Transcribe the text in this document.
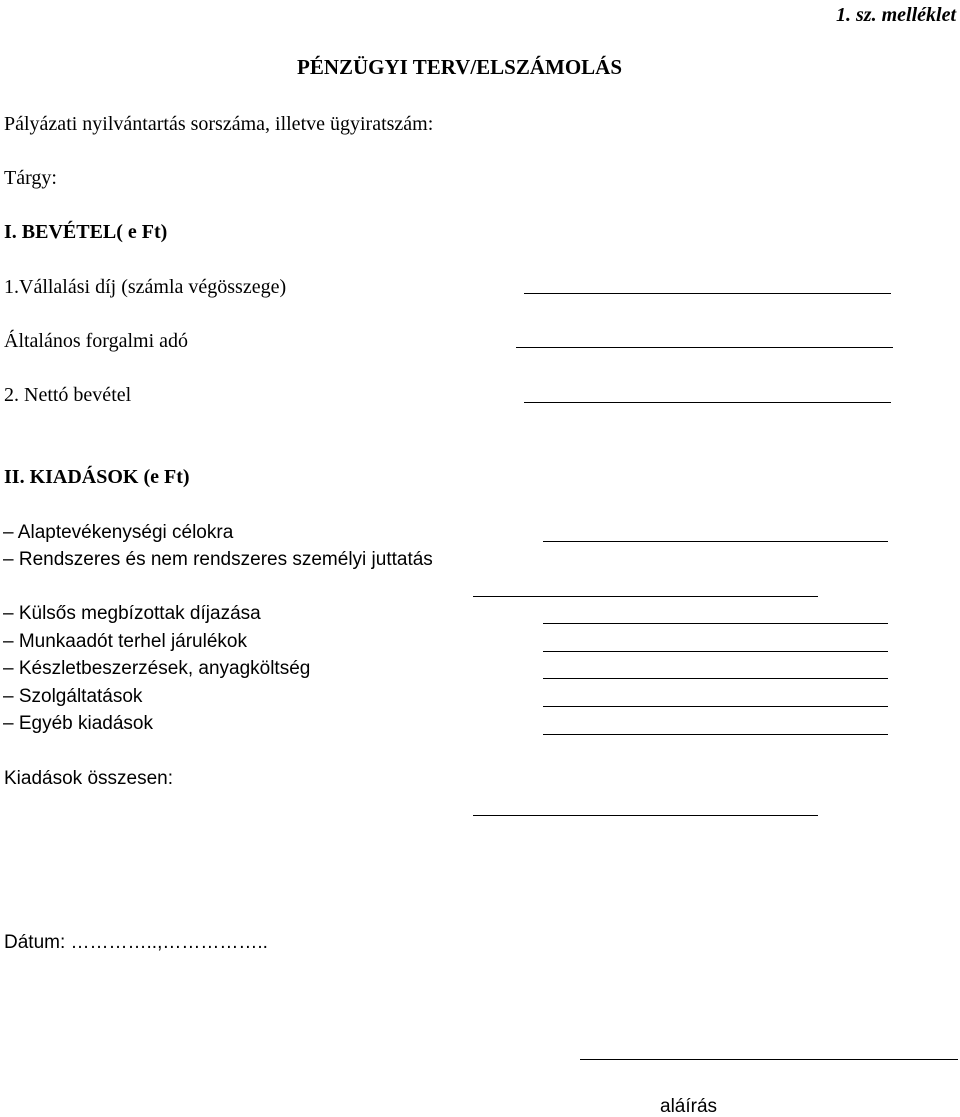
1. sz. melléklet
PÉNZÜGYI TERV/ELSZÁMOLÁS
Pályázati nyilvántartás sorszáma, illetve ügyiratszám:
Tárgy:
I. BEVÉTEL( e Ft)
1.Vállalási díj (számla végösszege)
Általános forgalmi adó
2. Nettó bevétel
II. KIADÁSOK (e Ft)
– Alaptevékenységi célokra
– Rendszeres és nem rendszeres személyi juttatás
– Külsős megbízottak díjazása
– Munkaadót terhel járulékok
– Készletbeszerzések, anyagköltség
– Szolgáltatások
– Egyéb kiadások
Kiadások összesen:
Dátum: …………..,……………..
aláírás
